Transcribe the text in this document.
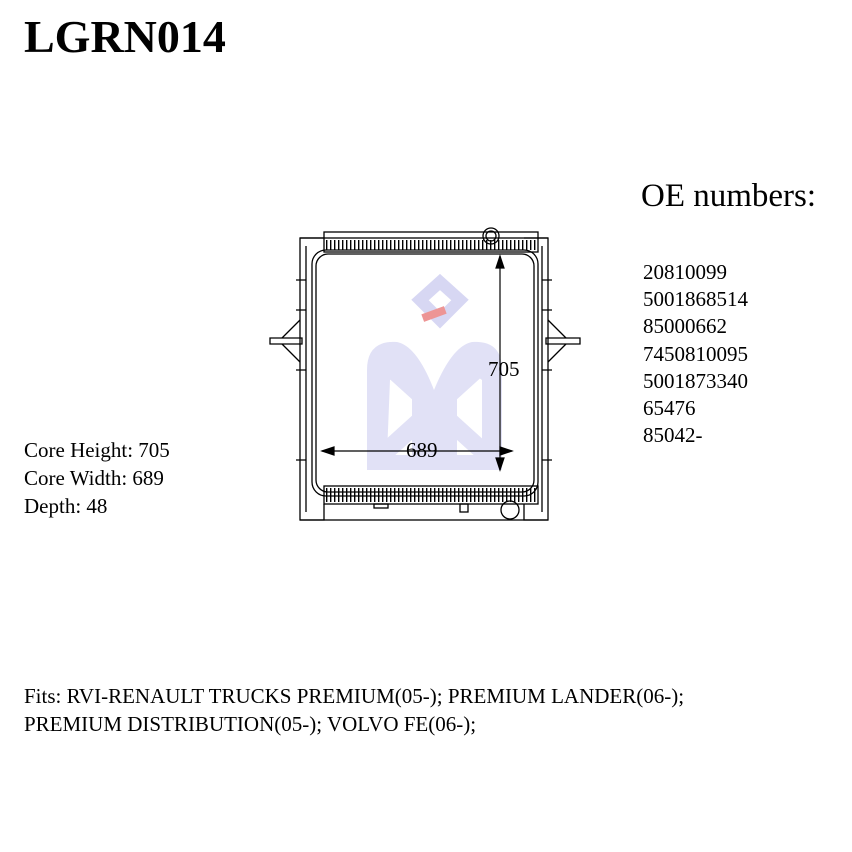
LGRN014
OE numbers:
20810099
5001868514
85000662
7450810095
5001873340
65476
85042-
Core Height: 705
Core Width: 689
Depth: 48
705
689
Fits: RVI-RENAULT TRUCKS PREMIUM(05-); PREMIUM LANDER(06-);
PREMIUM DISTRIBUTION(05-); VOLVO FE(06-);
